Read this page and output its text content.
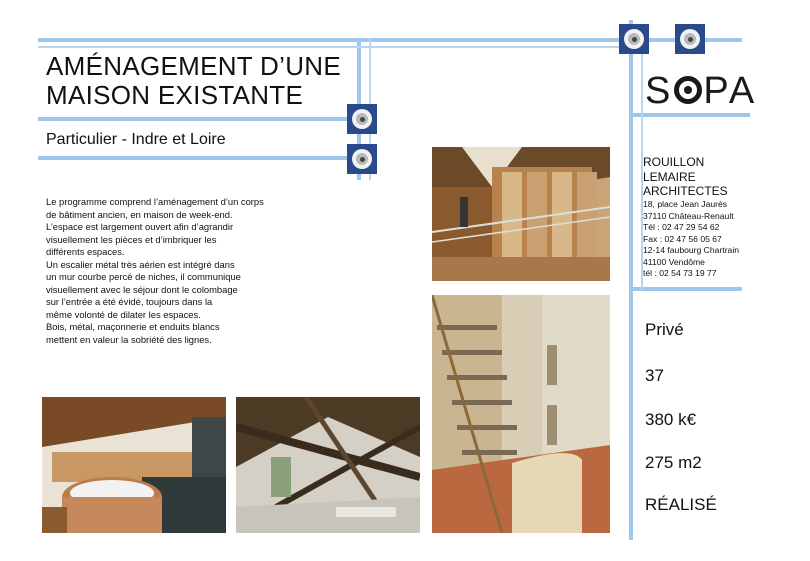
AMÉNAGEMENT D’UNE
MAISON EXISTANTE
Particulier - Indre et Loire
Le programme comprend l’aménagement d’un corps
de bâtiment ancien, en maison de week-end.
L’espace est largement ouvert afin d’agrandir
visuellement les pièces et d’imbriquer les
différents espaces.
Un escalier métal très aérien est intégré dans
un mur courbe percé de niches, il communique
visuellement avec le séjour dont le colombage
sur l’entrée a été évidé, toujours dans la
même volonté de dilater les espaces.
Bois, métal, maçonnerie et enduits blancs
mettent en valeur la sobriété des lignes.
S PA
ROUILLON
LEMAIRE
ARCHITECTES
18, place Jean Jaurès
37110 Château-Renault
Tél : 02 47 29 54 62
Fax : 02 47 56 05 67
12-14 faubourg Chartrain
41100 Vendôme
tél : 02 54 73 19 77
Privé
37
380 k€
275 m2
RÉALISÉ
